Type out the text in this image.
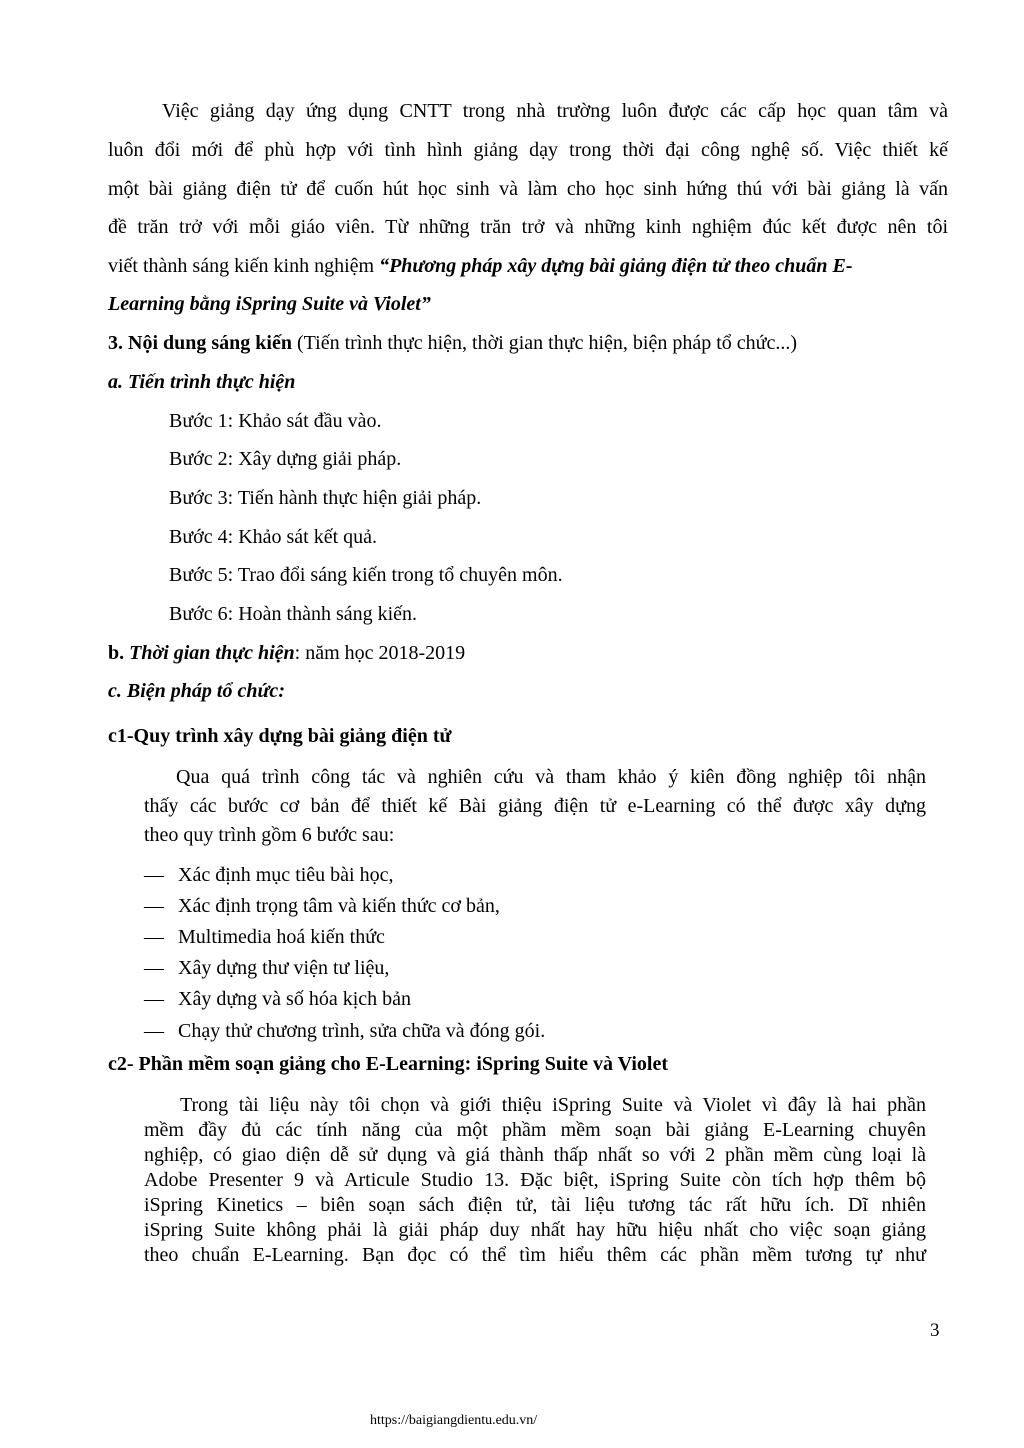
Việc giảng dạy ứng dụng CNTT trong nhà trường luôn được các cấp học quan tâm và
luôn đổi mới để phù hợp với tình hình giảng dạy trong thời đại công nghệ số. Việc thiết kế
một bài giảng điện tử để cuốn hút học sinh và làm cho học sinh hứng thú với bài giảng là vấn
đề trăn trở với mỗi giáo viên. Từ những trăn trở và những kinh nghiệm đúc kết được nên tôi
viết thành sáng kiến kinh nghiệm “Phương pháp xây dựng bài giảng điện tử theo chuẩn E-
Learning bằng iSpring Suite và Violet”
3. Nội dung sáng kiến (Tiến trình thực hiện, thời gian thực hiện, biện pháp tổ chức...)
a. Tiến trình thực hiện
Bước 1: Khảo sát đầu vào.
Bước 2: Xây dựng giải pháp.
Bước 3: Tiến hành thực hiện giải pháp.
Bước 4: Khảo sát kết quả.
Bước 5: Trao đổi sáng kiến trong tổ chuyên môn.
Bước 6: Hoàn thành sáng kiến.
b. Thời gian thực hiện: năm học 2018-2019
c. Biện pháp tổ chức:
c1-Quy trình xây dựng bài giảng điện tử
Qua quá trình công tác và nghiên cứu và tham khảo ý kiên đồng nghiệp tôi nhận
thấy các bước cơ bản để thiết kế Bài giảng điện tử e-Learning có thể được xây dựng
theo quy trình gồm 6 bước sau:
— Xác định mục tiêu bài học,
— Xác định trọng tâm và kiến thức cơ bản,
— Multimedia hoá kiến thức
— Xây dựng thư viện tư liệu,
— Xây dựng và số hóa kịch bản
— Chạy thử chương trình, sửa chữa và đóng gói.
c2- Phần mềm soạn giảng cho E-Learning: iSpring Suite và Violet
Trong tài liệu này tôi chọn và giới thiệu iSpring Suite và Violet vì đây là hai phần
mềm đầy đủ các tính năng của một phầm mềm soạn bài giảng E-Learning chuyên
nghiệp, có giao diện dễ sử dụng và giá thành thấp nhất so với 2 phần mềm cùng loại là
Adobe Presenter 9 và Articule Studio 13. Đặc biệt, iSpring Suite còn tích hợp thêm bộ
iSpring Kinetics – biên soạn sách điện tử, tài liệu tương tác rất hữu ích. Dĩ nhiên
iSpring Suite không phải là giải pháp duy nhất hay hữu hiệu nhất cho việc soạn giảng
theo chuẩn E-Learning. Bạn đọc có thể tìm hiểu thêm các phần mềm tương tự như
3
https://baigiangdientu.edu.vn/
